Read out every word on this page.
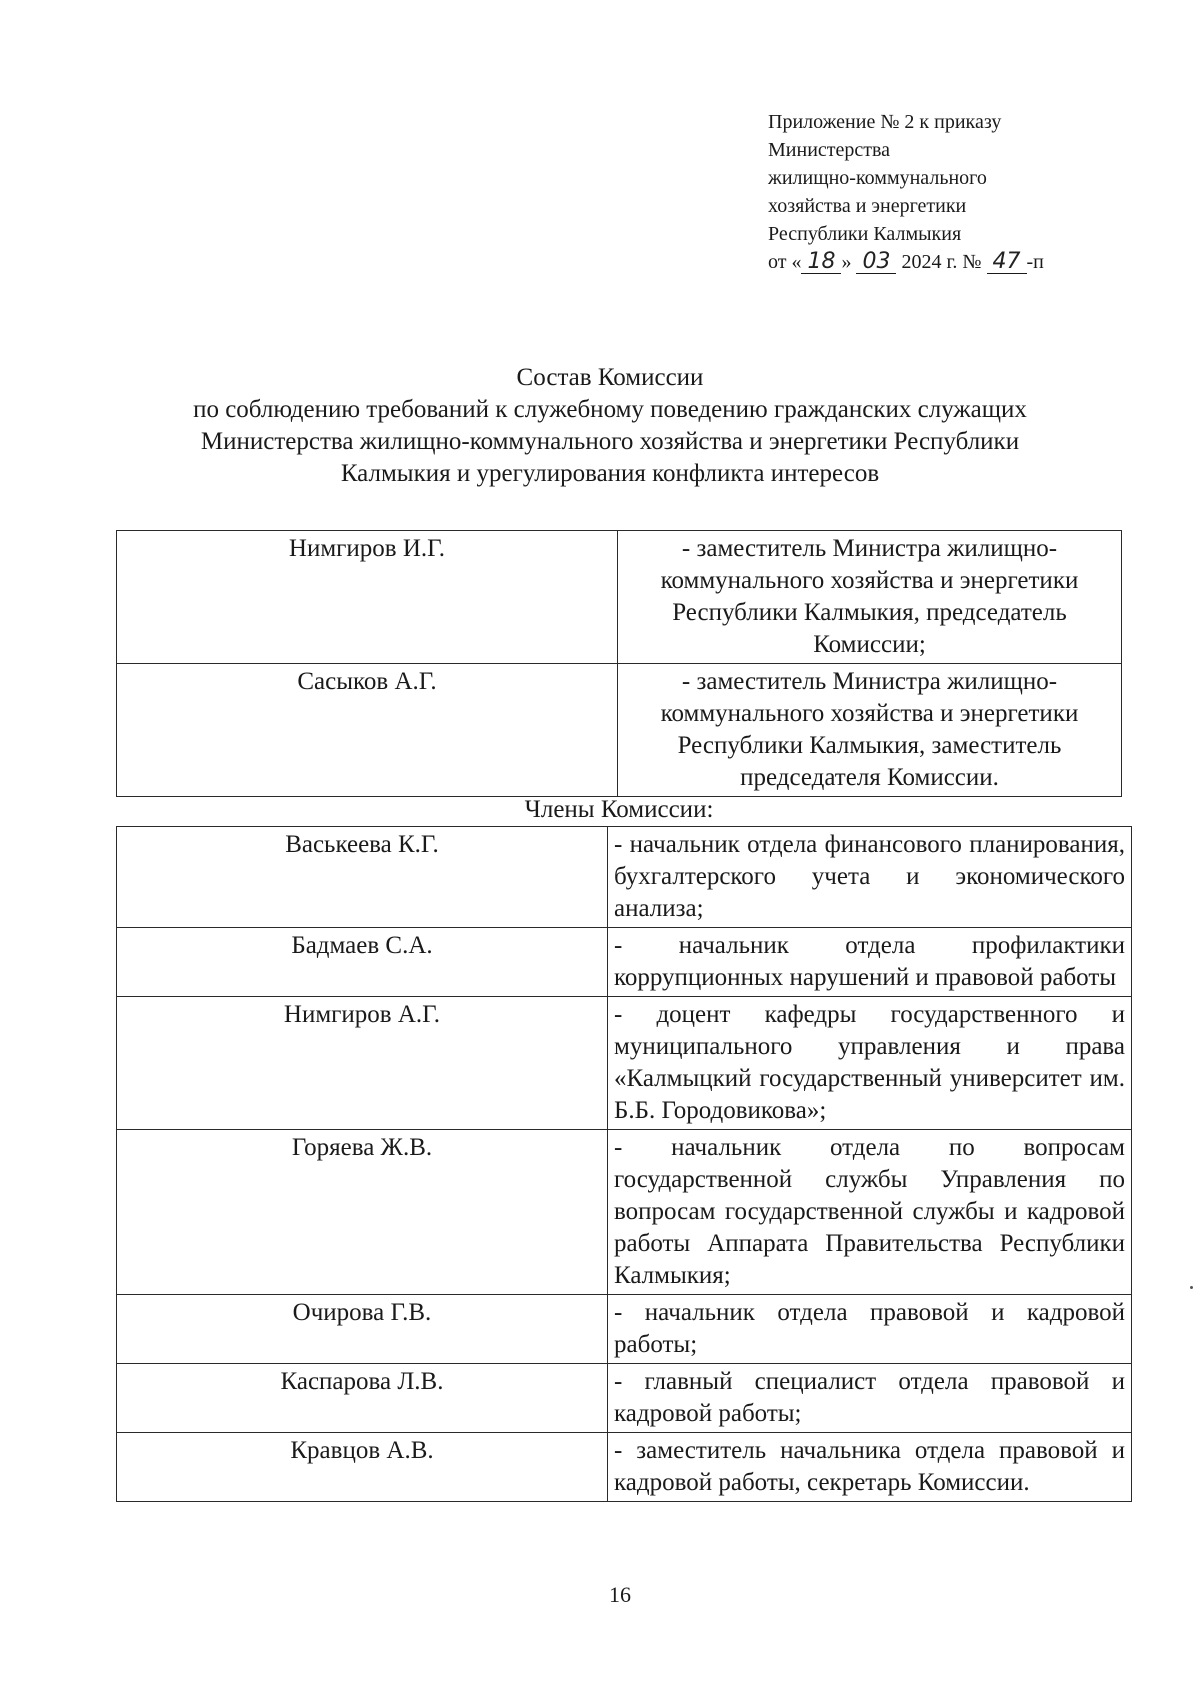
Приложение № 2 к приказу
Министерства
жилищно-коммунального
хозяйства и энергетики
Республики Калмыкия
от « 18 » 03 2024 г. № 47 -п
Состав Комиссии
по соблюдению требований к служебному поведению гражданских служащих
Министерства жилищно-коммунального хозяйства и энергетики Республики
Калмыкия и урегулирования конфликта интересов
Нимгиров И.Г.	- заместитель Министра жилищно-коммунального хозяйства и энергетики Республики Калмыкия, председатель Комиссии;
Сасыков А.Г.	- заместитель Министра жилищно-коммунального хозяйства и энергетики Республики Калмыкия, заместитель председателя Комиссии.
Члены Комиссии:
Васькеева К.Г.	- начальник отдела финансового планирования, бухгалтерского учета и экономического анализа;
Бадмаев С.А.	- начальник отдела профилактики коррупционных нарушений и правовой работы
Нимгиров А.Г.	- доцент кафедры государственного и муниципального управления и права «Калмыцкий государственный университет им. Б.Б. Городовикова»;
Горяева Ж.В.	- начальник отдела по вопросам государственной службы Управления по вопросам государственной службы и кадровой работы Аппарата Правительства Республики Калмыкия;
Очирова Г.В.	- начальник отдела правовой и кадровой работы;
Каспарова Л.В.	- главный специалист отдела правовой и кадровой работы;
Кравцов А.В.	- заместитель начальника отдела правовой и кадровой работы, секретарь Комиссии.
16
